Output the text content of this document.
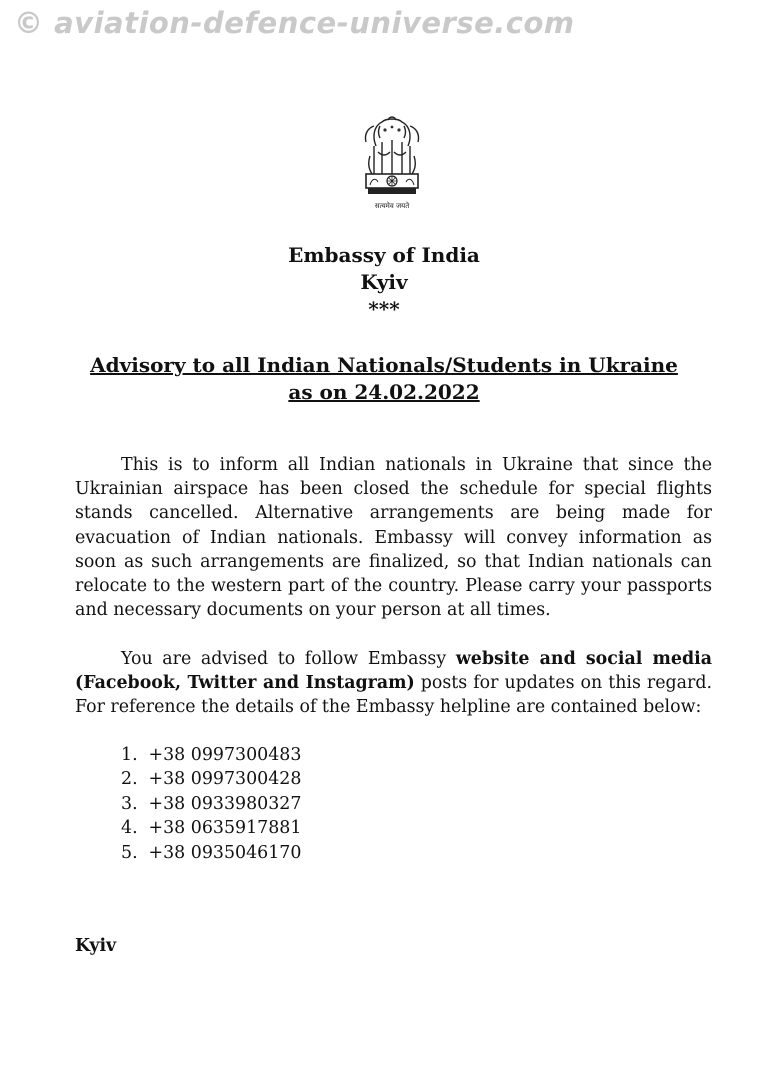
© aviation-defence-universe.com
सत्यमेव जयते
Embassy of India
Kyiv
***
Advisory to all Indian Nationals/Students in Ukraine
as on 24.02.2022

This is to inform all Indian nationals in Ukraine that since the Ukrainian airspace has been closed the schedule for special flights stands cancelled. Alternative arrangements are being made for evacuation of Indian nationals. Embassy will convey information as soon as such arrangements are finalized, so that Indian nationals can relocate to the western part of the country. Please carry your passports and necessary documents on your person at all times.

You are advised to follow Embassy website and social media (Facebook, Twitter and Instagram) posts for updates on this regard. For reference the details of the Embassy helpline are contained below:

1. +38 0997300483
2. +38 0997300428
3. +38 0933980327
4. +38 0635917881
5. +38 0935046170
Kyiv
